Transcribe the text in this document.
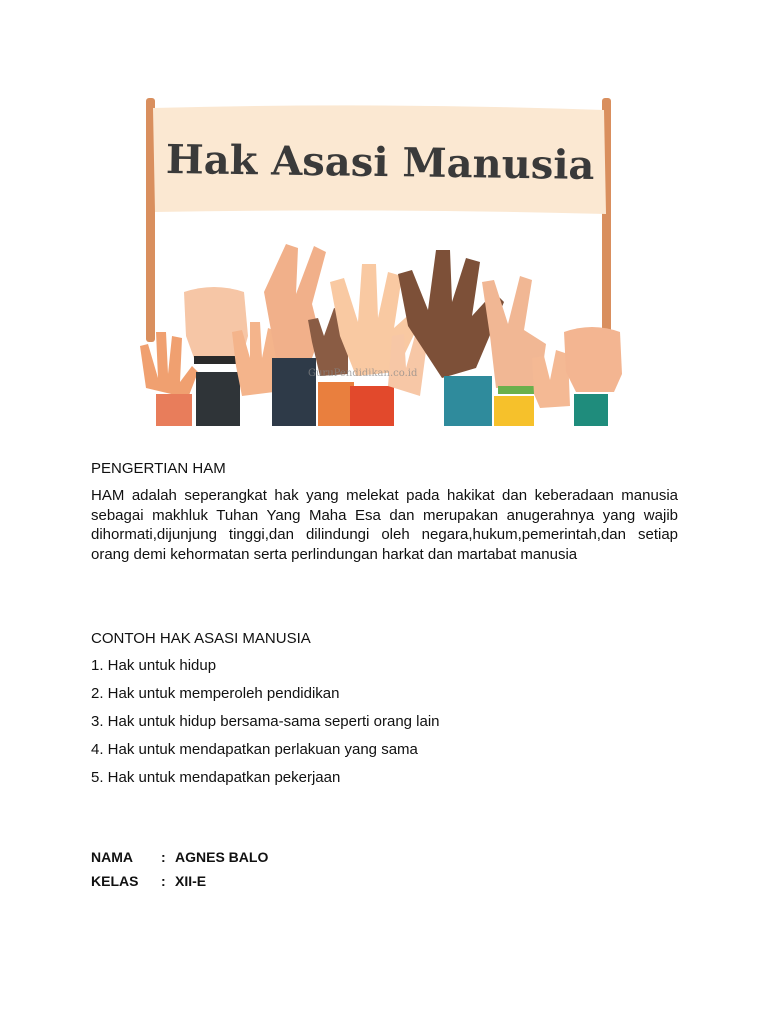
Hak Asasi Manusia
GuruPendidikan.co.id

PENGERTIAN HAM

HAM adalah seperangkat hak yang melekat pada hakikat dan keberadaan manusia sebagai makhluk Tuhan Yang Maha Esa dan merupakan anugerahnya yang wajib dihormati,dijunjung tinggi,dan dilindungi oleh negara,hukum,pemerintah,dan setiap orang demi kehormatan serta perlindungan harkat dan martabat manusia

CONTOH HAK ASASI MANUSIA

1. Hak untuk hidup
2. Hak untuk memperoleh pendidikan
3. Hak untuk hidup bersama-sama seperti orang lain
4. Hak untuk mendapatkan perlakuan yang sama
5. Hak untuk mendapatkan pekerjaan
NAMA	: AGNES BALO
KELAS	: XII-E
